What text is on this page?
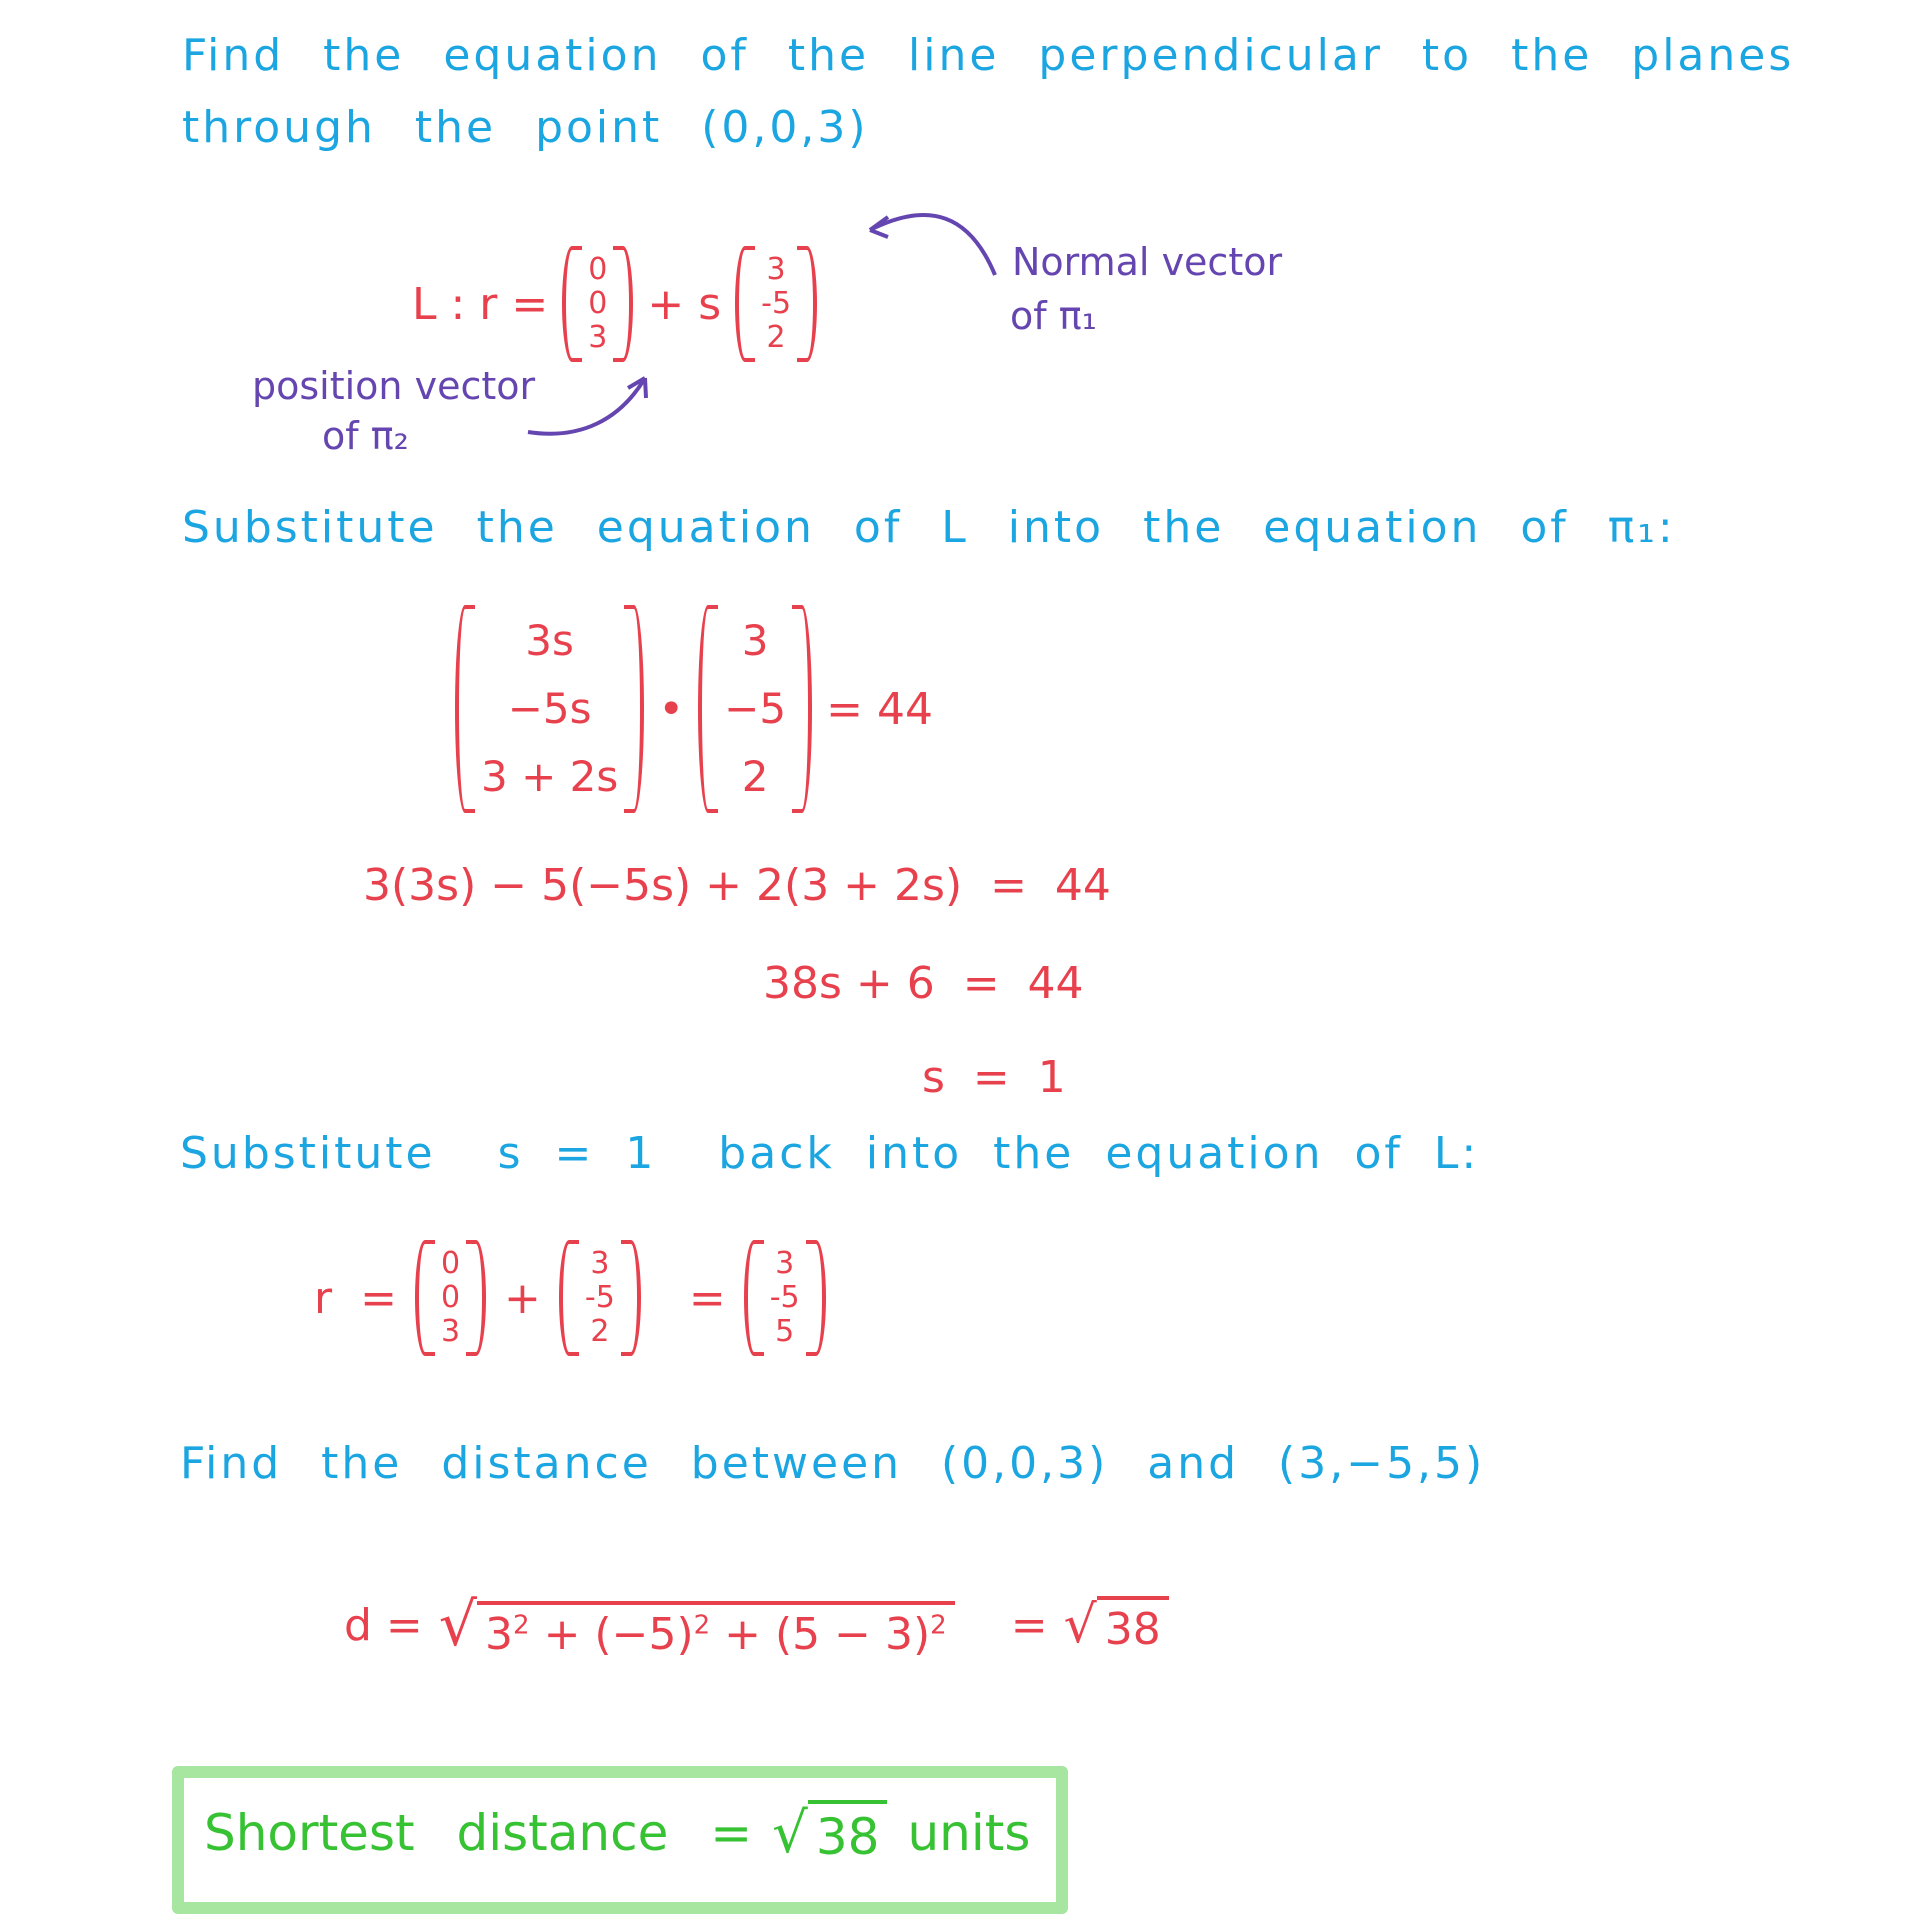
Find the equation of the line perpendicular to the planes
through the point (0,0,3)
L : r =
0
0
3
+ s
3
-5
2
Normal vector
of π₁
position vector
of π₂
Substitute the equation of L into the equation of π₁:
3s
−5s
3 + 2s
•
3
−5
2
= 44
3(3s) − 5(−5s) + 2(3 + 2s)  =  44
38s + 6  =  44
s  =  1
Substitute  s = 1  back into the equation of L:
r  =
0
0
3
+
3
-5
2
=
3
-5
5
Find the distance between (0,0,3) and (3,−5,5)
d = √ $3^2 + (-5)^2 + (5 - 3)^2$ = √ 38
Shortest distance = √ 38 units
